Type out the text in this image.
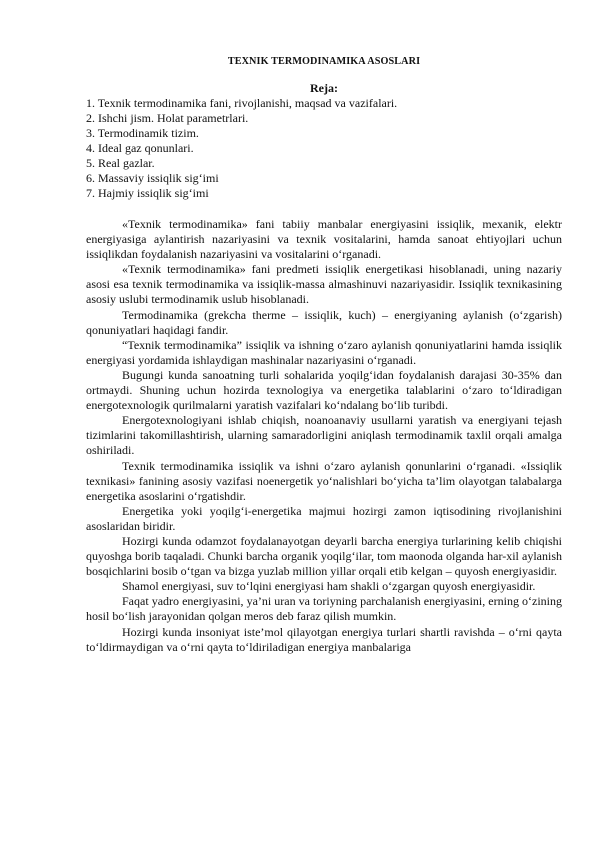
TEXNIK TERMODINAMIKA ASOSLARI
Reja:
1. Texnik termodinamika fani, rivojlanishi, maqsad va vazifalari.
2. Ishchi jism. Holat parametrlari.
3. Termodinamik tizim.
4. Ideal gaz qonunlari.
5. Real gazlar.
6. Massaviy issiqlik sig‘imi
7. Hajmiy issiqlik sig‘imi

«Texnik termodinamika» fani tabiiy manbalar energiyasini issiqlik, mexanik, elektr energiyasiga aylantirish nazariyasini va texnik vositalarini, hamda sanoat ehtiyojlari uchun issiqlikdan foydalanish nazariyasini va vositalarini o‘rganadi.

«Texnik termodinamika» fani predmeti issiqlik energetikasi hisoblanadi, uning nazariy asosi esa texnik termodinamika va issiqlik-massa almashinuvi nazariyasidir. Issiqlik texnikasining asosiy uslubi termodinamik uslub hisoblanadi.

Termodinamika (grekcha therme – issiqlik, kuch) – energiyaning aylanish (o‘zgarish) qonuniyatlari haqidagi fandir.

“Texnik termodinamika” issiqlik va ishning o‘zaro aylanish qonuniyatlarini hamda issiqlik energiyasi yordamida ishlaydigan mashinalar nazariyasini o‘rganadi.

Bugungi kunda sanoatning turli sohalarida yoqilg‘idan foydalanish darajasi 30-35% dan ortmaydi. Shuning uchun hozirda texnologiya va energetika talablarini o‘zaro to‘ldiradigan energotexnologik qurilmalarni yaratish vazifalari ko‘ndalang bo‘lib turibdi.

Energotexnologiyani ishlab chiqish, noanoanaviy usullarni yaratish va energiyani tejash tizimlarini takomillashtirish, ularning samaradorligini aniqlash termodinamik taxlil orqali amalga oshiriladi.

Texnik termodinamika issiqlik va ishni o‘zaro aylanish qonunlarini o‘rganadi. «Issiqlik texnikasi» fanining asosiy vazifasi noenergetik yo‘nalishlari bo‘yicha ta’lim olayotgan talabalarga energetika asoslarini o‘rgatishdir.

Energetika yoki yoqilg‘i-energetika majmui hozirgi zamon iqtisodining rivojlanishini asoslaridan biridir.

Hozirgi kunda odamzot foydalanayotgan deyarli barcha energiya turlarining kelib chiqishi quyoshga borib taqaladi. Chunki barcha organik yoqilg‘ilar, tom maonoda olganda har-xil aylanish bosqichlarini bosib o‘tgan va bizga yuzlab million yillar orqali etib kelgan – quyosh energiyasidir.

Shamol energiyasi, suv to‘lqini energiyasi ham shakli o‘zgargan quyosh energiyasidir.

Faqat yadro energiyasini, ya’ni uran va toriyning parchalanish energiyasini, erning o‘zining hosil bo‘lish jarayonidan qolgan meros deb faraz qilish mumkin.

Hozirgi kunda insoniyat iste’mol qilayotgan energiya turlari shartli ravishda – o‘rni qayta to‘ldirmaydigan va o‘rni qayta to‘ldiriladigan energiya manbalariga
